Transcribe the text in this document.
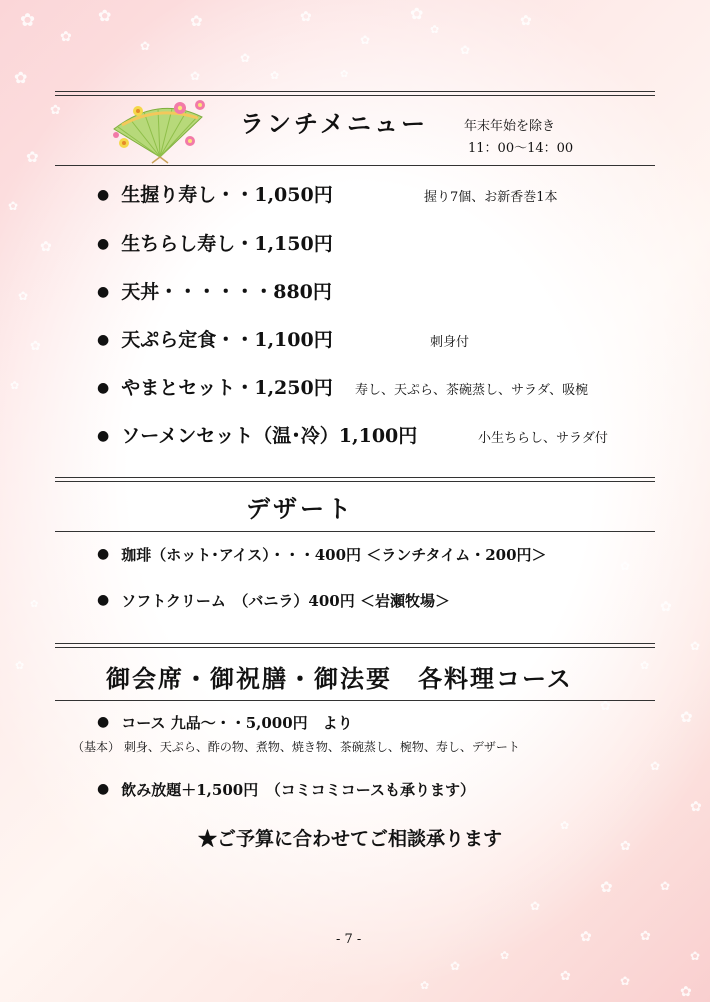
✿
✿
✿
✿
✿
✿
✿
✿
✿
✿
✿
✿
✿
✿
✿
✿
✿
✿
✿
✿	✿	✿
✿
✿
✿
✿
✿
✿
✿
✿
✿
✿
✿
✿	✿
✿
✿	✿
✿
✿
✿
✿	✿
✿
✿
✿
✿
ランチメニュー	年末年始を除き
11：00〜14：00
● 生握り寿し・・1,050円	握り7個、お新香巻1本
● 生ちらし寿し・1,150円
● 天丼・・・・・・880円
● 天ぷら定食・・1,100円	刺身付
● やまとセット・1,250円 寿し、天ぷら、茶碗蒸し、サラダ、吸椀
● ソーメンセット（温･冷）1,100円	小生ちらし、サラダ付
デザート
● 珈琲（ホット･アイス）・・・400円 ＜ランチタイム・200円＞
● ソフトクリーム　（バニラ）400円 ＜岩瀬牧場＞
御会席・御祝膳・御法要　各料理コース
● コース 九品〜・・5,000円　より
（基本） 刺身、天ぷら、酢の物、煮物、焼き物、茶碗蒸し、椀物、寿し、デザート
● 飲み放題＋1,500円　（コミコミコースも承ります）
★ご予算に合わせてご相談承ります
- 7 -
